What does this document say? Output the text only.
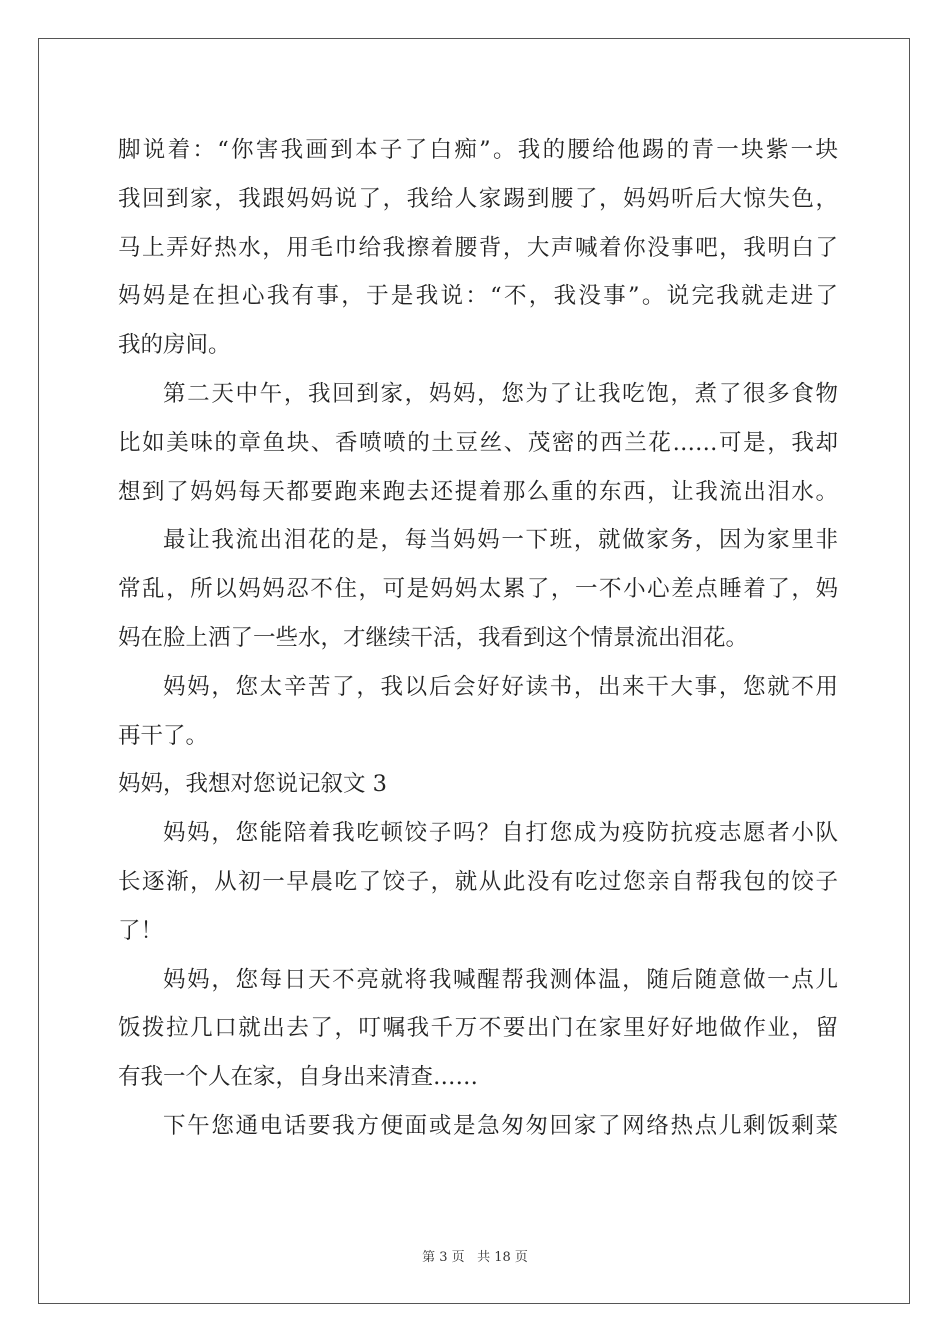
脚说着：“你害我画到本子了白痴”。我的腰给他踢的青一块紫一块
我回到家，我跟妈妈说了，我给人家踢到腰了，妈妈听后大惊失色，
马上弄好热水，用毛巾给我擦着腰背，大声喊着你没事吧，我明白了
妈妈是在担心我有事，于是我说：“不，我没事”。说完我就走进了
我的房间。
第二天中午，我回到家，妈妈，您为了让我吃饱，煮了很多食物
比如美味的章鱼块、香喷喷的土豆丝、茂密的西兰花……可是，我却
想到了妈妈每天都要跑来跑去还提着那么重的东西，让我流出泪水。
最让我流出泪花的是，每当妈妈一下班，就做家务，因为家里非
常乱，所以妈妈忍不住，可是妈妈太累了，一不小心差点睡着了，妈
妈在脸上洒了一些水，才继续干活，我看到这个情景流出泪花。
妈妈，您太辛苦了，我以后会好好读书，出来干大事，您就不用
再干了。
妈妈，我想对您说记叙文 3
妈妈，您能陪着我吃顿饺子吗？自打您成为疫防抗疫志愿者小队
长逐渐，从初一早晨吃了饺子，就从此没有吃过您亲自帮我包的饺子
了！
妈妈，您每日天不亮就将我喊醒帮我测体温，随后随意做一点儿
饭拨拉几口就出去了，叮嘱我千万不要出门在家里好好地做作业，留
有我一个人在家，自身出来清查……
下午您通电话要我方便面或是急匆匆回家了网络热点儿剩饭剩菜
第 3 页 共 18 页
